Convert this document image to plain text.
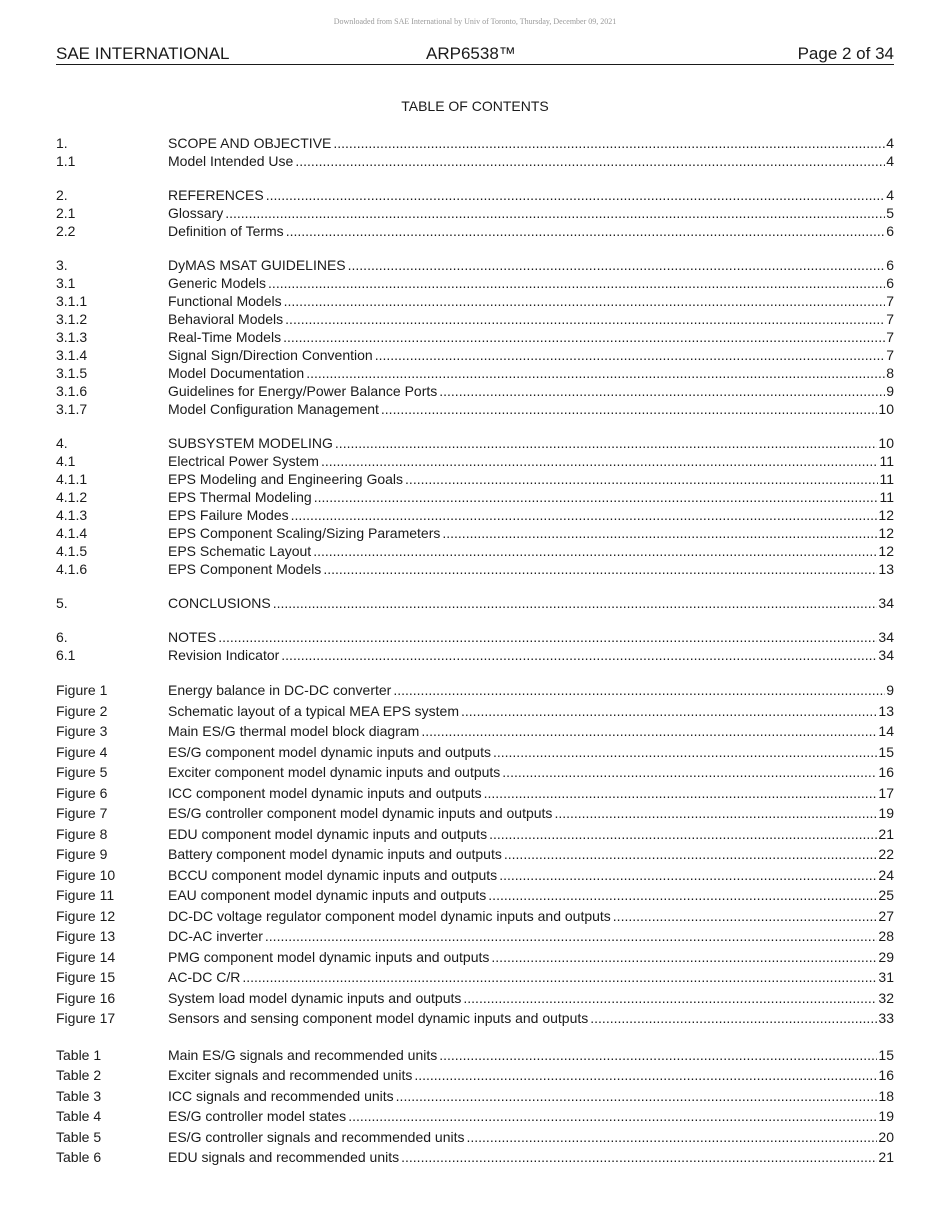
Downloaded from SAE International by Univ of Toronto, Thursday, December 09, 2021
SAE INTERNATIONAL	ARP6538™	Page 2 of 34
TABLE OF CONTENTS
1.	SCOPE AND OBJECTIVE .....	4
1.1	Model Intended Use .....	4
2.	REFERENCES .....	4
2.1	Glossary .....	5
2.2	Definition of Terms .....	6
3.	DyMAS MSAT GUIDELINES .....	6
3.1	Generic Models .....	6
3.1.1	Functional Models .....	7
3.1.2	Behavioral Models .....	7
3.1.3	Real-Time Models .....	7
3.1.4	Signal Sign/Direction Convention .....	7
3.1.5	Model Documentation .....	8
3.1.6	Guidelines for Energy/Power Balance Ports .....	9
3.1.7	Model Configuration Management .....	10
4.	SUBSYSTEM MODELING .....	10
4.1	Electrical Power System .....	11
4.1.1	EPS Modeling and Engineering Goals .....	11
4.1.2	EPS Thermal Modeling .....	11
4.1.3	EPS Failure Modes .....	12
4.1.4	EPS Component Scaling/Sizing Parameters .....	12
4.1.5	EPS Schematic Layout .....	12
4.1.6	EPS Component Models .....	13
5.	CONCLUSIONS .....	34
6.	NOTES .....	34
6.1	Revision Indicator .....	34
Figure 1	Energy balance in DC-DC converter .....	9
Figure 2	Schematic layout of a typical MEA EPS system .....	13
Figure 3	Main ES/G thermal model block diagram .....	14
Figure 4	ES/G component model dynamic inputs and outputs .....	15
Figure 5	Exciter component model dynamic inputs and outputs .....	16
Figure 6	ICC component model dynamic inputs and outputs .....	17
Figure 7	ES/G controller component model dynamic inputs and outputs .....	19
Figure 8	EDU component model dynamic inputs and outputs .....	21
Figure 9	Battery component model dynamic inputs and outputs .....	22
Figure 10	BCCU component model dynamic inputs and outputs .....	24
Figure 11	EAU component model dynamic inputs and outputs .....	25
Figure 12	DC-DC voltage regulator component model dynamic inputs and outputs .....	27
Figure 13	DC-AC inverter .....	28
Figure 14	PMG component model dynamic inputs and outputs .....	29
Figure 15	AC-DC C/R .....	31
Figure 16	System load model dynamic inputs and outputs .....	32
Figure 17	Sensors and sensing component model dynamic inputs and outputs .....	33
Table 1	Main ES/G signals and recommended units .....	15
Table 2	Exciter signals and recommended units .....	16
Table 3	ICC signals and recommended units .....	18
Table 4	ES/G controller model states .....	19
Table 5	ES/G controller signals and recommended units .....	20
Table 6	EDU signals and recommended units .....	21
